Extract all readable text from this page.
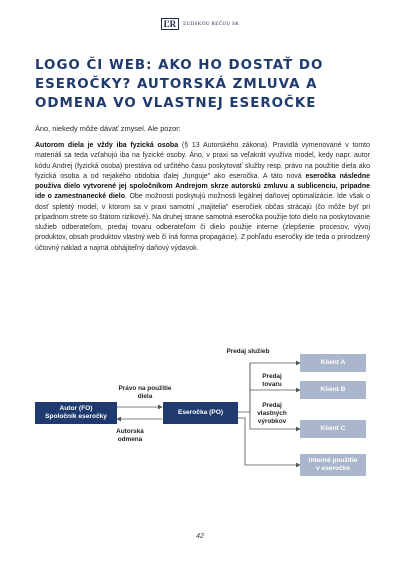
ĽR	ĽUDSKOU REČOU SK
LOGO ČI WEB: AKO HO DOSTAŤ DO ESEROČKY? AUTORSKÁ ZMLUVA A ODMENA VO VLASTNEJ ESEROČKE

Áno, niekedy môže dávať zmysel. Ale pozor:

Autorom diela je vždy iba fyzická osoba (§ 13 Autorského zákona). Pravidlá vymenované v tomto materiáli sa teda vzťahujú iba na fyzické osoby. Áno, v praxi sa veľakrát využíva model, kedy napr. autor kódu Andrej (fyzická osoba) prestáva od určitého času poskytovať služby resp. právo na použitie diela ako fyzická osoba a od nejakého obdobia ďalej „funguje" ako eseročka. A táto nová eseročka následne používa dielo vytvorené jej spoločníkom Andrejom skrze autorskú zmluvu a sublicenciu, prípadne ide o zamestnanecké dielo. Obe možnosti poskytujú možnosti legálnej daňovej optimalizácie. Ide však o dosť spletitý model, v ktorom sa v praxi samotní „majitelia" eseročiek občas strácajú (čo môže byť pri prípadnom strete so štátom rizikové). Na druhej strane samotná eseročka použije toto dielo na poskytovanie služieb odberateľom, predaj tovaru odberateľom či dielo použije interne (zlepšenie procesov, vývoj produktov, obsah produktov vlastný web či iná forma propagácie). Z pohľadu eseročky ide teda o prirodzený účtovný náklad a najmä obhájiteľný daňový výdavok.

Autor (FO)
Spoločník eseročky
Eseročka (PO)
Právo na použitie
diela
Autorská
odmena
Predaj služieb
Predaj
tovaru
Predaj
vlastných
výrobkov
Klient A
Klient B
Klient C
Interné použitie
v eseročke
42
